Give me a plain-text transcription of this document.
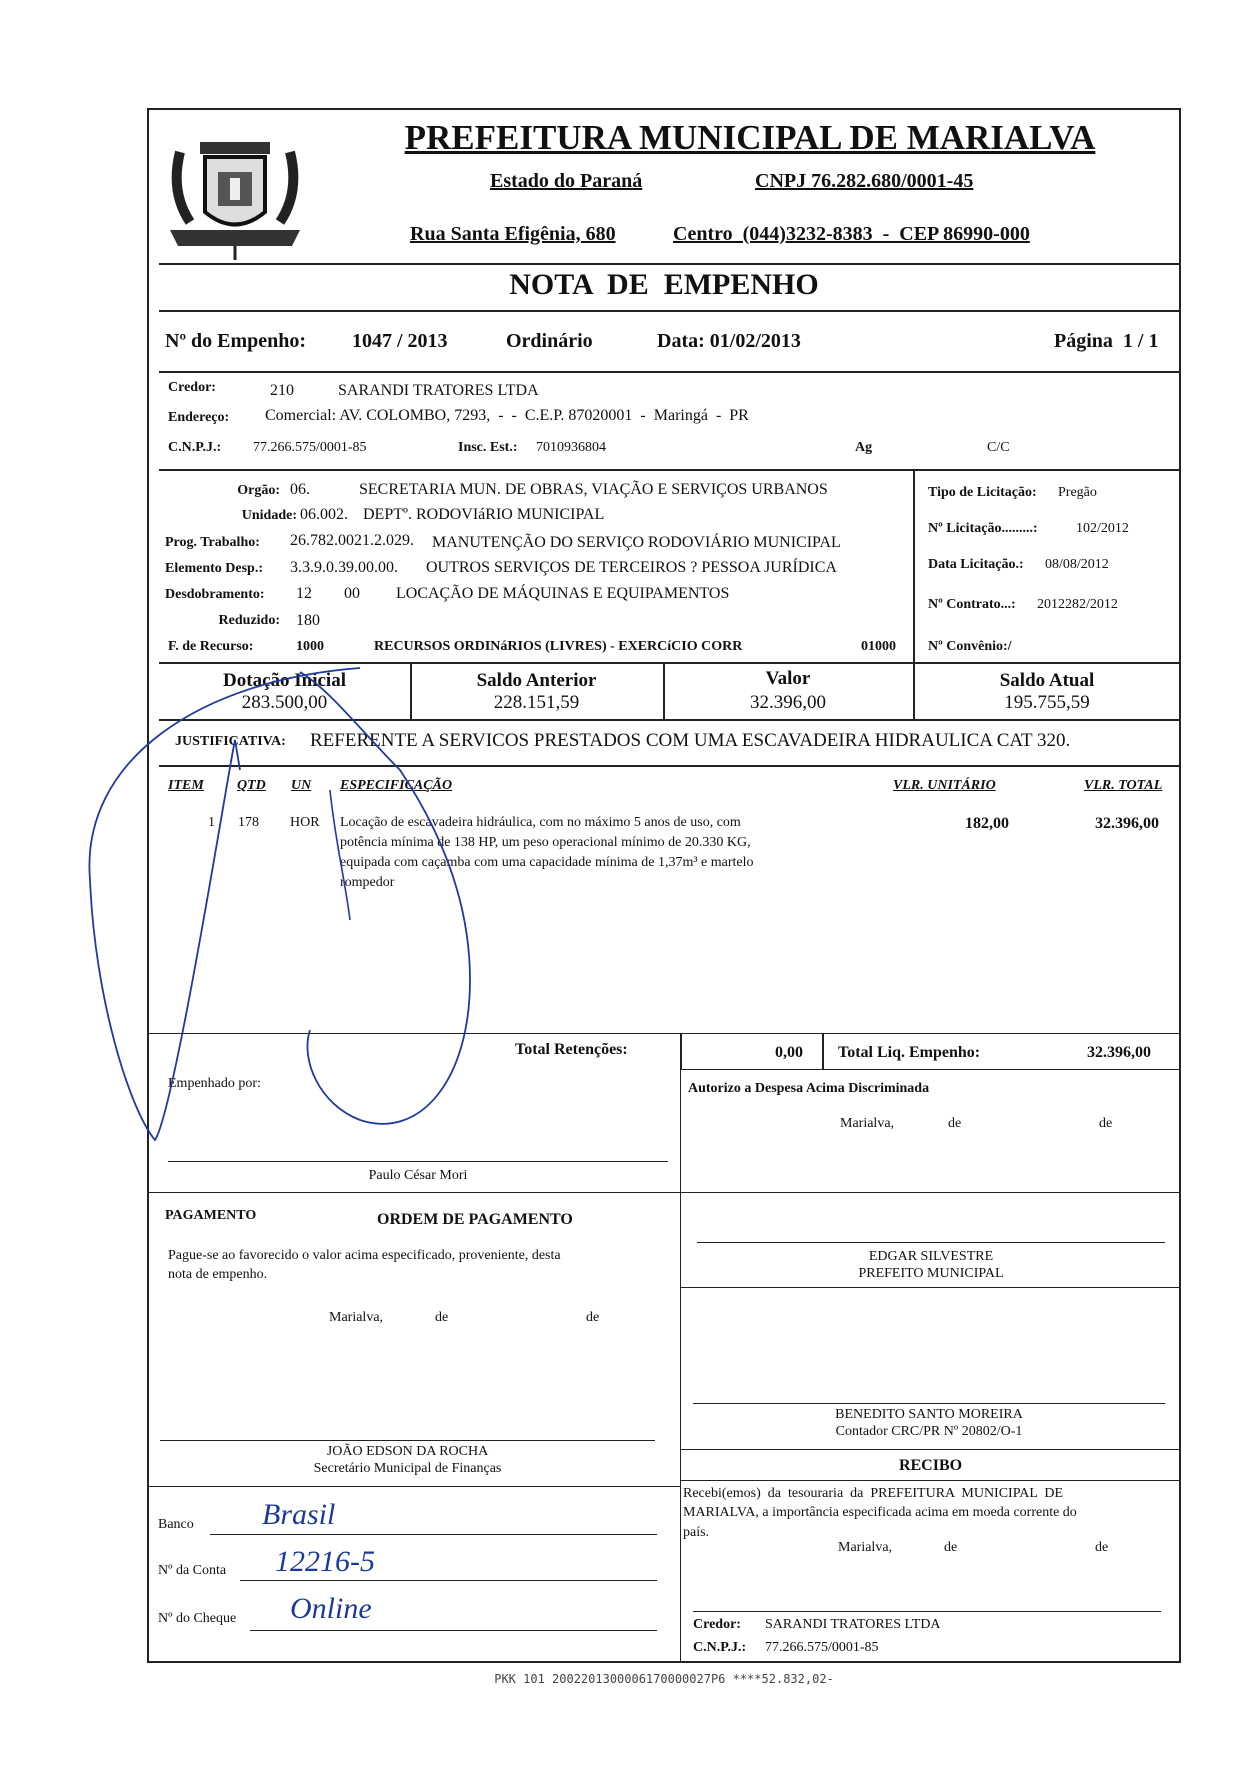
PREFEITURA MUNICIPAL DE MARIALVA
Estado do Paraná	CNPJ 76.282.680/0001-45
Rua Santa Efigênia, 680	Centro  (044)3232-8383  -  CEP 86990-000
NOTA  DE  EMPENHO
Nº do Empenho: 1047 / 2013	Ordinário	Data: 01/02/2013	Página  1 / 1
Credor:	210	SARANDI TRATORES LTDA
Endereço: Comercial: AV. COLOMBO, 7293,  -  -  C.E.P. 87020001  -  Maringá  -  PR
C.N.P.J.: 77.266.575/0001-85	Insc. Est.: 7010936804	Ag	C/C
Orgão: 06.	SECRETARIA MUN. DE OBRAS, VIAÇÃO E SERVIÇOS URBANOS
Unidade: 06.002. DEPTº. RODOVIáRIO MUNICIPAL
Prog. Trabalho: 26.782.0021.2.029. MANUTENÇÃO DO SERVIÇO RODOVIÁRIO MUNICIPAL
Elemento Desp.: 3.3.9.0.39.00.00. OUTROS SERVIÇOS DE TERCEIROS ? PESSOA JURÍDICA
Desdobramento: 12 00 LOCAÇÃO DE MÁQUINAS E EQUIPAMENTOS
Reduzido: 180
F. de Recurso:	1000	RECURSOS ORDINáRIOS (LIVRES) - EXERCíCIO CORR	01000
Tipo de Licitação: Pregão
Nº Licitação.........:	102/2012
Data Licitação.: 08/08/2012
Nº Contrato...: 2012282/2012
Nº Convênio:/
Dotação Inicial
283.500,00
Saldo Anterior
228.151,59
Valor
32.396,00
Saldo Atual
195.755,59
JUSTIFICATIVA: REFERENTE A SERVICOS PRESTADOS COM UMA ESCAVADEIRA HIDRAULICA CAT 320.
ITEM QTD UN ESPECIFICAÇÃO	VLR. UNITÁRIO	VLR. TOTAL
1 178 HOR Locação de escavadeira hidráulica, com no máximo 5 anos de uso, com
potência mínima de 138 HP, um peso operacional mínimo de 20.330 KG,
equipada com caçamba com uma capacidade mínima de 1,37m³ e martelo
rompedor
182,00	32.396,00
Total Retenções:	0,00 Total Liq. Empenho:	32.396,00
Empenhado por:
Paulo César Mori
Autorizo a Despesa Acima Discriminada
Marialva,	de	de
PAGAMENTO	ORDEM DE PAGAMENTO
Pague-se ao favorecido o valor acima especificado, proveniente, desta
nota de empenho.
Marialva,	de	de
EDGAR SILVESTRE
PREFEITO MUNICIPAL
BENEDITO SANTO MOREIRA
Contador CRC/PR Nº 20802/O-1
JOÃO EDSON DA ROCHA
Secretário Municipal de Finanças
Banco Brasil
Nº da Conta 12216-5
Nº do Cheque Online
RECIBO
Recebi(emos)  da  tesouraria  da  PREFEITURA  MUNICIPAL  DE
MARIALVA, a importância especificada acima em moeda corrente do
país.
Marialva,	de	de
Credor: SARANDI TRATORES LTDA
C.N.P.J.: 77.266.575/0001-85
PKK 101 2002201300006170000027P6 ****52.832,02-
